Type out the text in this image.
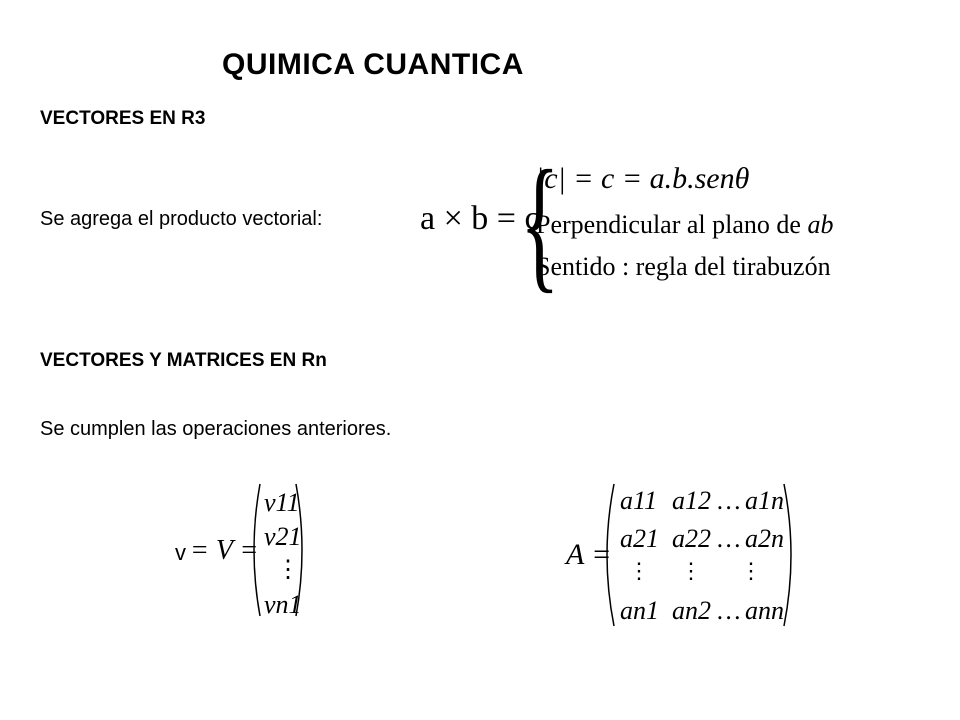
QUIMICA CUANTICA
VECTORES EN R3
Se agrega el producto vectorial:	a × b = c
{
|c| = c = a.b.senθ
Perpendicular al plano de ab
Sentido : regla del tirabuzón
VECTORES Y MATRICES EN Rn
Se cumplen las operaciones anteriores.
v = V =
v11
v21
⋮
vn1
A =
a11 a12 … a1n
a21 a22 … a2n
⋮ ⋮ ⋮
an1 an2 … ann
